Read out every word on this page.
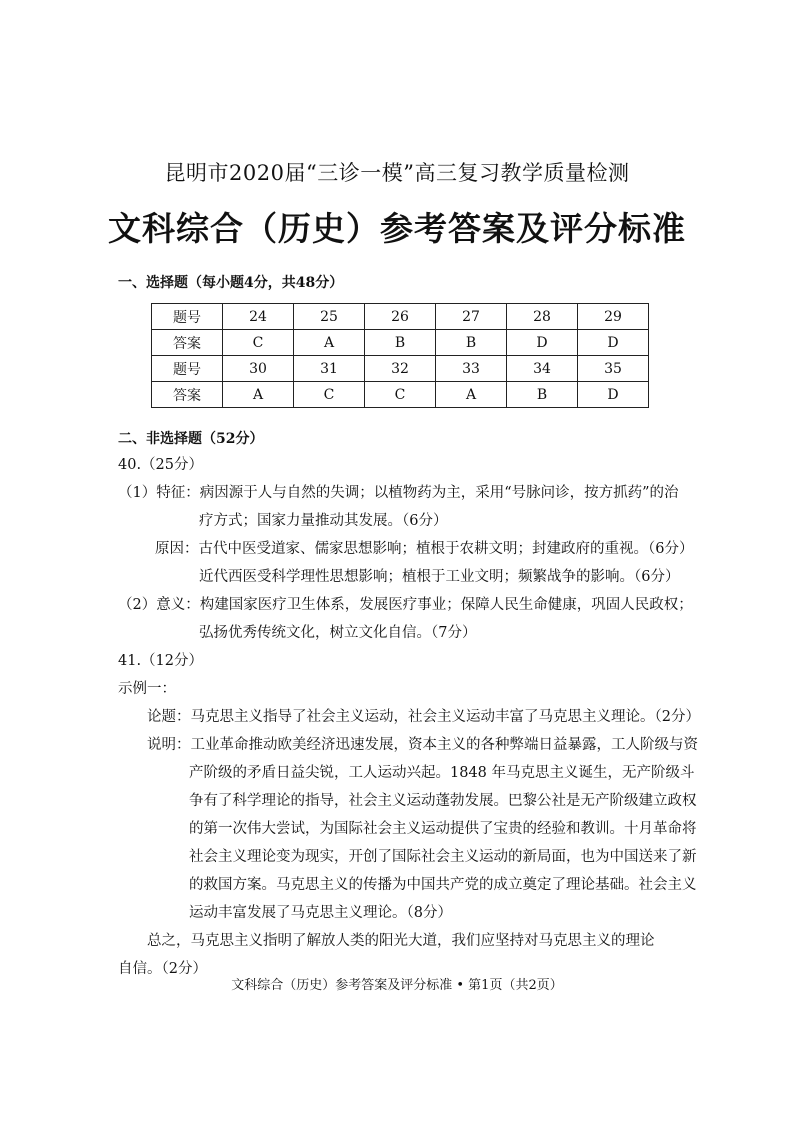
昆明市2020届“三诊一模”高三复习教学质量检测
文科综合（历史）参考答案及评分标准
一、选择题（每小题4分，共48分）
题号	24	25	26	27	28	29
答案	C	A	B	B	D	D
题号	30	31	32	33	34	35
答案	A	C	C	A	B	D
二、非选择题（52分）
40.（25分）
（1）特征：病因源于人与自然的失调；以植物药为主，采用“号脉问诊，按方抓药”的治
疗方式；国家力量推动其发展。（6分）
原因：古代中医受道家、儒家思想影响；植根于农耕文明；封建政府的重视。（6分）
近代西医受科学理性思想影响；植根于工业文明；频繁战争的影响。（6分）
（2）意义：构建国家医疗卫生体系，发展医疗事业；保障人民生命健康，巩固人民政权；
弘扬优秀传统文化，树立文化自信。（7分）
41.（12分）
示例一：
论题：马克思主义指导了社会主义运动，社会主义运动丰富了马克思主义理论。（2分）
说明：工业革命推动欧美经济迅速发展，资本主义的各种弊端日益暴露，工人阶级与资
产阶级的矛盾日益尖锐，工人运动兴起。1848 年马克思主义诞生，无产阶级斗
争有了科学理论的指导，社会主义运动蓬勃发展。巴黎公社是无产阶级建立政权
的第一次伟大尝试，为国际社会主义运动提供了宝贵的经验和教训。十月革命将
社会主义理论变为现实，开创了国际社会主义运动的新局面，也为中国送来了新
的救国方案。马克思主义的传播为中国共产党的成立奠定了理论基础。社会主义
运动丰富发展了马克思主义理论。（8分）
总之，马克思主义指明了解放人类的阳光大道，我们应坚持对马克思主义的理论
自信。（2分）
文科综合（历史）参考答案及评分标准 • 第1页（共2页）
